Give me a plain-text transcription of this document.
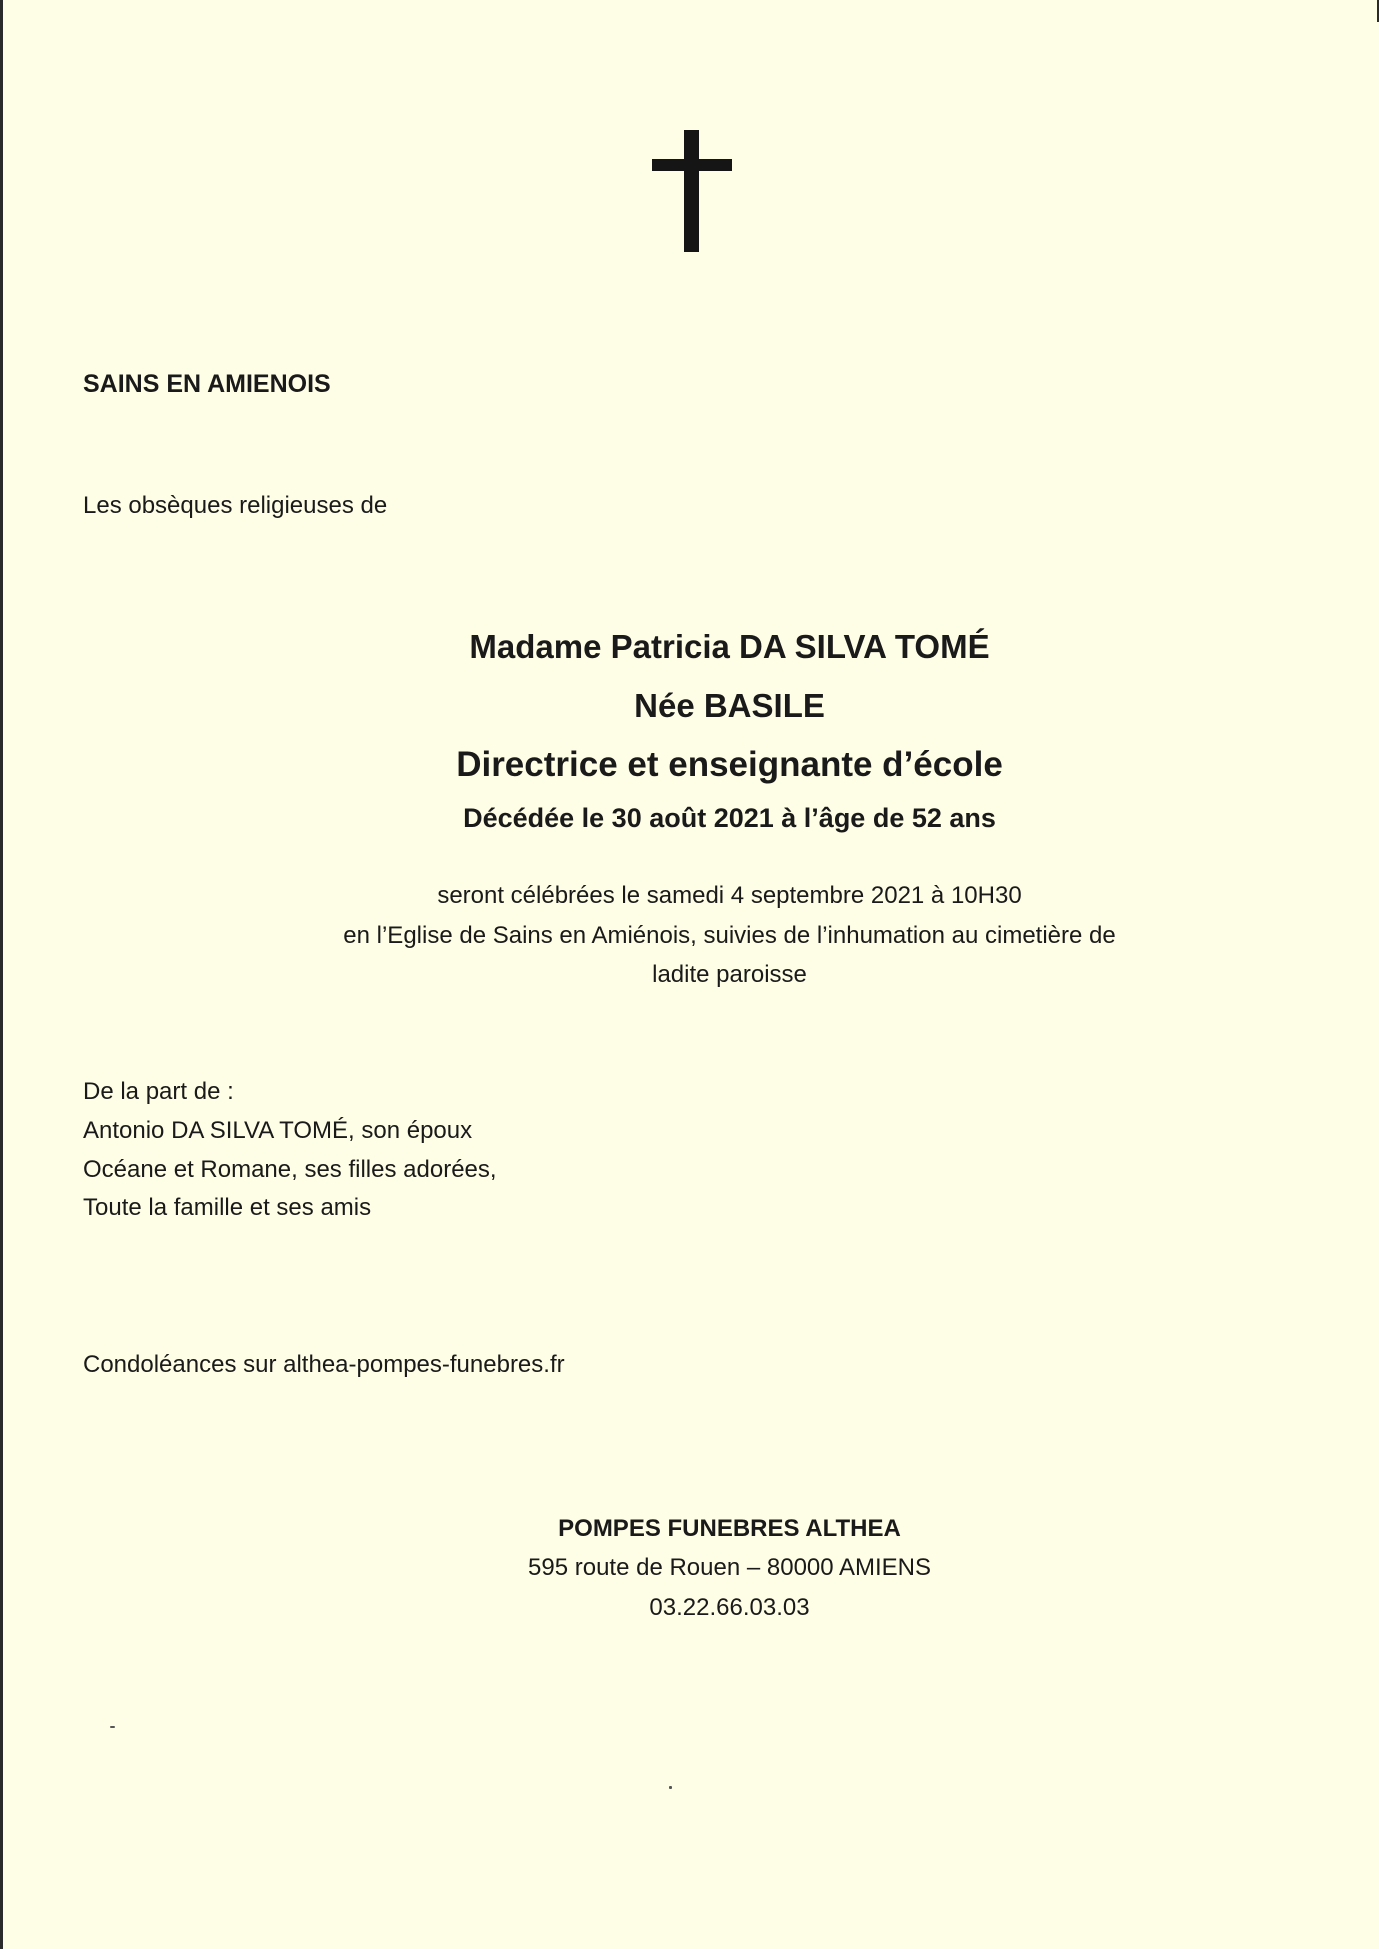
SAINS EN AMIENOIS

Les obsèques religieuses de

Madame Patricia DA SILVA TOMÉ

Née BASILE

Directrice et enseignante d’école

Décédée le 30 août 2021 à l’âge de 52 ans

seront célébrées le samedi 4 septembre 2021 à 10H30

en l’Eglise de Sains en Amiénois, suivies de l’inhumation au cimetière de

ladite paroisse

De la part de :

Antonio DA SILVA TOMÉ, son époux

Océane et Romane, ses filles adorées,

Toute la famille et ses amis

Condoléances sur althea-pompes-funebres.fr

POMPES FUNEBRES ALTHEA

595 route de Rouen – 80000 AMIENS

03.22.66.03.03
